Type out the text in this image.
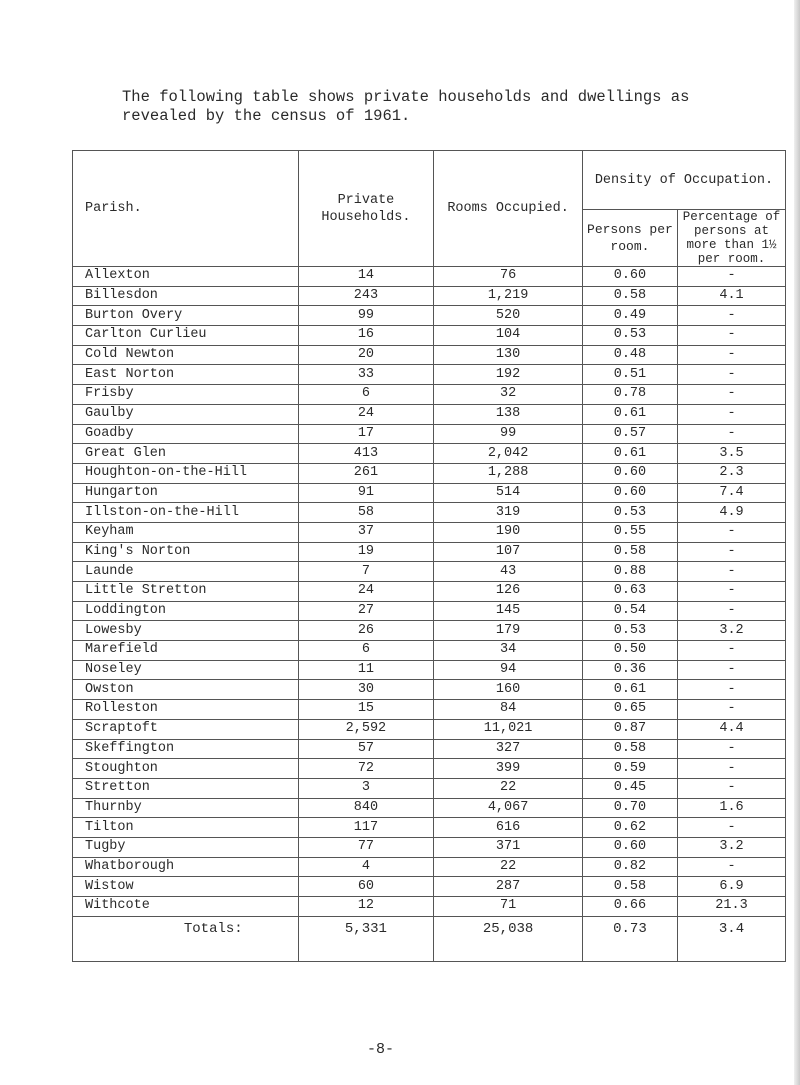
The following table shows private households and dwellings as
revealed by the census of 1961.
Parish.	Private Households.	Rooms Occupied.	Density of Occupation.	
			Persons per room.	Percentage of persons at more than 1½ per room.
Allexton	14	76	0.60	-
Billesdon	243	1,219	0.58	4.1
Burton Overy	99	520	0.49	-
Carlton Curlieu	16	104	0.53	-
Cold Newton	20	130	0.48	-
East Norton	33	192	0.51	-
Frisby	6	32	0.78	-
Gaulby	24	138	0.61	-
Goadby	17	99	0.57	-
Great Glen	413	2,042	0.61	3.5
Houghton-on-the-Hill	261	1,288	0.60	2.3
Hungarton	91	514	0.60	7.4
Illston-on-the-Hill	58	319	0.53	4.9
Keyham	37	190	0.55	-
King's Norton	19	107	0.58	-
Launde	7	43	0.88	-
Little Stretton	24	126	0.63	-
Loddington	27	145	0.54	-
Lowesby	26	179	0.53	3.2
Marefield	6	34	0.50	-
Noseley	11	94	0.36	-
Owston	30	160	0.61	-
Rolleston	15	84	0.65	-
Scraptoft	2,592	11,021	0.87	4.4
Skeffington	57	327	0.58	-
Stoughton	72	399	0.59	-
Stretton	3	22	0.45	-
Thurnby	840	4,067	0.70	1.6
Tilton	117	616	0.62	-
Tugby	77	371	0.60	3.2
Whatborough	4	22	0.82	-
Wistow	60	287	0.58	6.9
Withcote	12	71	0.66	21.3
Totals:	5,331	25,038	0.73	3.4
-8-
